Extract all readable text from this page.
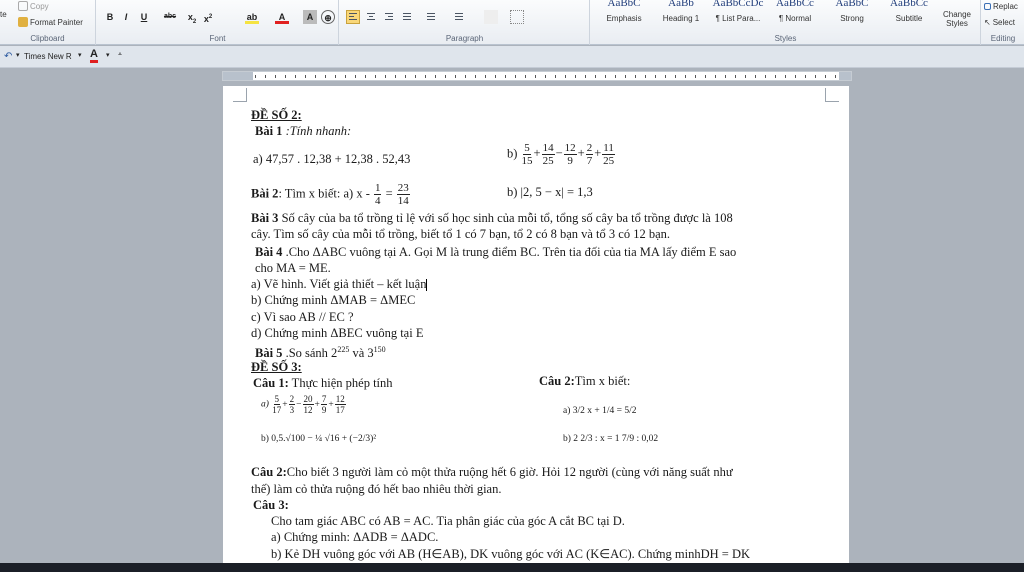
te
Copy
Format Painter
Clipboard
B	I	U	abc	$x_2$ $x^2$	ab	A	A	⊕
Font	Paragraph
AaBbC
Emphasis
AaBb
Heading 1
AaBbCcDc
¶ List Para...
AaBbCc
¶ Normal
AaBbC
Strong
AaBbCc
Subtitle	Change Styles
Styles
Replac
↖ Select
Editing
↶ ▾ Times New R ▾ A ▾ ⩡
ĐỀ SỐ 2:
Bài 1 :Tính nhanh:
a) 47,57 . 12,38 + 12,38 . 52,43	$b) \frac{5}{15} + \frac{14}{25} - \frac{12}{9} + \frac{2}{7} + \frac{11}{25}$
Bài 2: Tìm x biết: a) $x - \frac{1}{4} = \frac{23}{14}$	b) |2, 5 − x| = 1,3
Bài 3 Số cây của ba tổ trồng tỉ lệ với số học sinh của mỗi tổ, tổng số cây ba tổ trồng được là 108
cây. Tìm số cây của mỗi tổ trồng, biết tổ 1 có 7 bạn, tổ 2 có 8 bạn và tổ 3 có 12 bạn.
Bài 4 .Cho ΔABC vuông tại A. Gọi M là trung điểm BC. Trên tia đối của tia MA lấy điểm E sao
cho MA = ME.
a) Vẽ hình. Viết giả thiết – kết luận
b) Chứng minh ΔMAB = ΔMEC
c) Vì sao AB // EC ?
d) Chứng minh ΔBEC vuông tại E
Bài 5 .So sánh $2^{225}$ và $3^{150}$
ĐỀ SỐ 3:
Câu 1: Thực hiện phép tính	Câu 2:Tìm x biết:
$a) \frac{5}{17} + \frac{2}{3} - \frac{20}{12} + \frac{7}{9} + \frac{12}{17}$
b) 0,5.√100 − ¼ √16 + (−2/3)²
a) 3/2 x + 1/4 = 5/2
b) 2 2/3 : x = 1 7/9 : 0,02
Câu 2:Cho biết 3 người làm cỏ một thửa ruộng hết 6 giờ. Hỏi 12 người (cùng với năng suất như
thế) làm cỏ thửa ruộng đó hết bao nhiêu thời gian.
Câu 3:
Cho tam giác ABC có AB = AC. Tia phân giác của góc A cắt BC tại D.
a) Chứng minh: ΔADB = ΔADC.
b) Kẻ DH vuông góc với AB (H∈AB), DK vuông góc với AC (K∈AC). Chứng minhDH = DK
